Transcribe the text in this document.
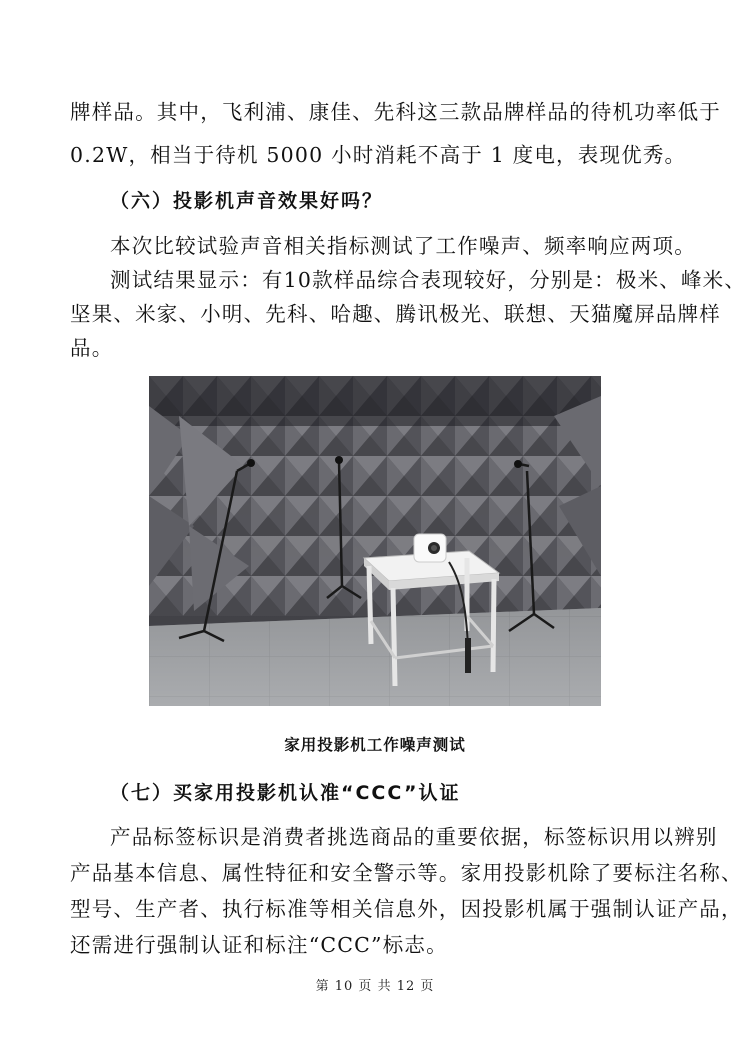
牌样品。其中，飞利浦、康佳、先科这三款品牌样品的待机功率低于
0.2W，相当于待机 5000 小时消耗不高于 1 度电，表现优秀。
（六）投影机声音效果好吗？
本次比较试验声音相关指标测试了工作噪声、频率响应两项。
测试结果显示：有10款样品综合表现较好，分别是：极米、峰米、
坚果、米家、小明、先科、哈趣、腾讯极光、联想、天猫魔屏品牌样
品。
家用投影机工作噪声测试
（七）买家用投影机认准“CCC”认证
产品标签标识是消费者挑选商品的重要依据，标签标识用以辨别
产品基本信息、属性特征和安全警示等。家用投影机除了要标注名称、
型号、生产者、执行标准等相关信息外，因投影机属于强制认证产品，
还需进行强制认证和标注“CCC”标志。
第 10 页 共 12 页
